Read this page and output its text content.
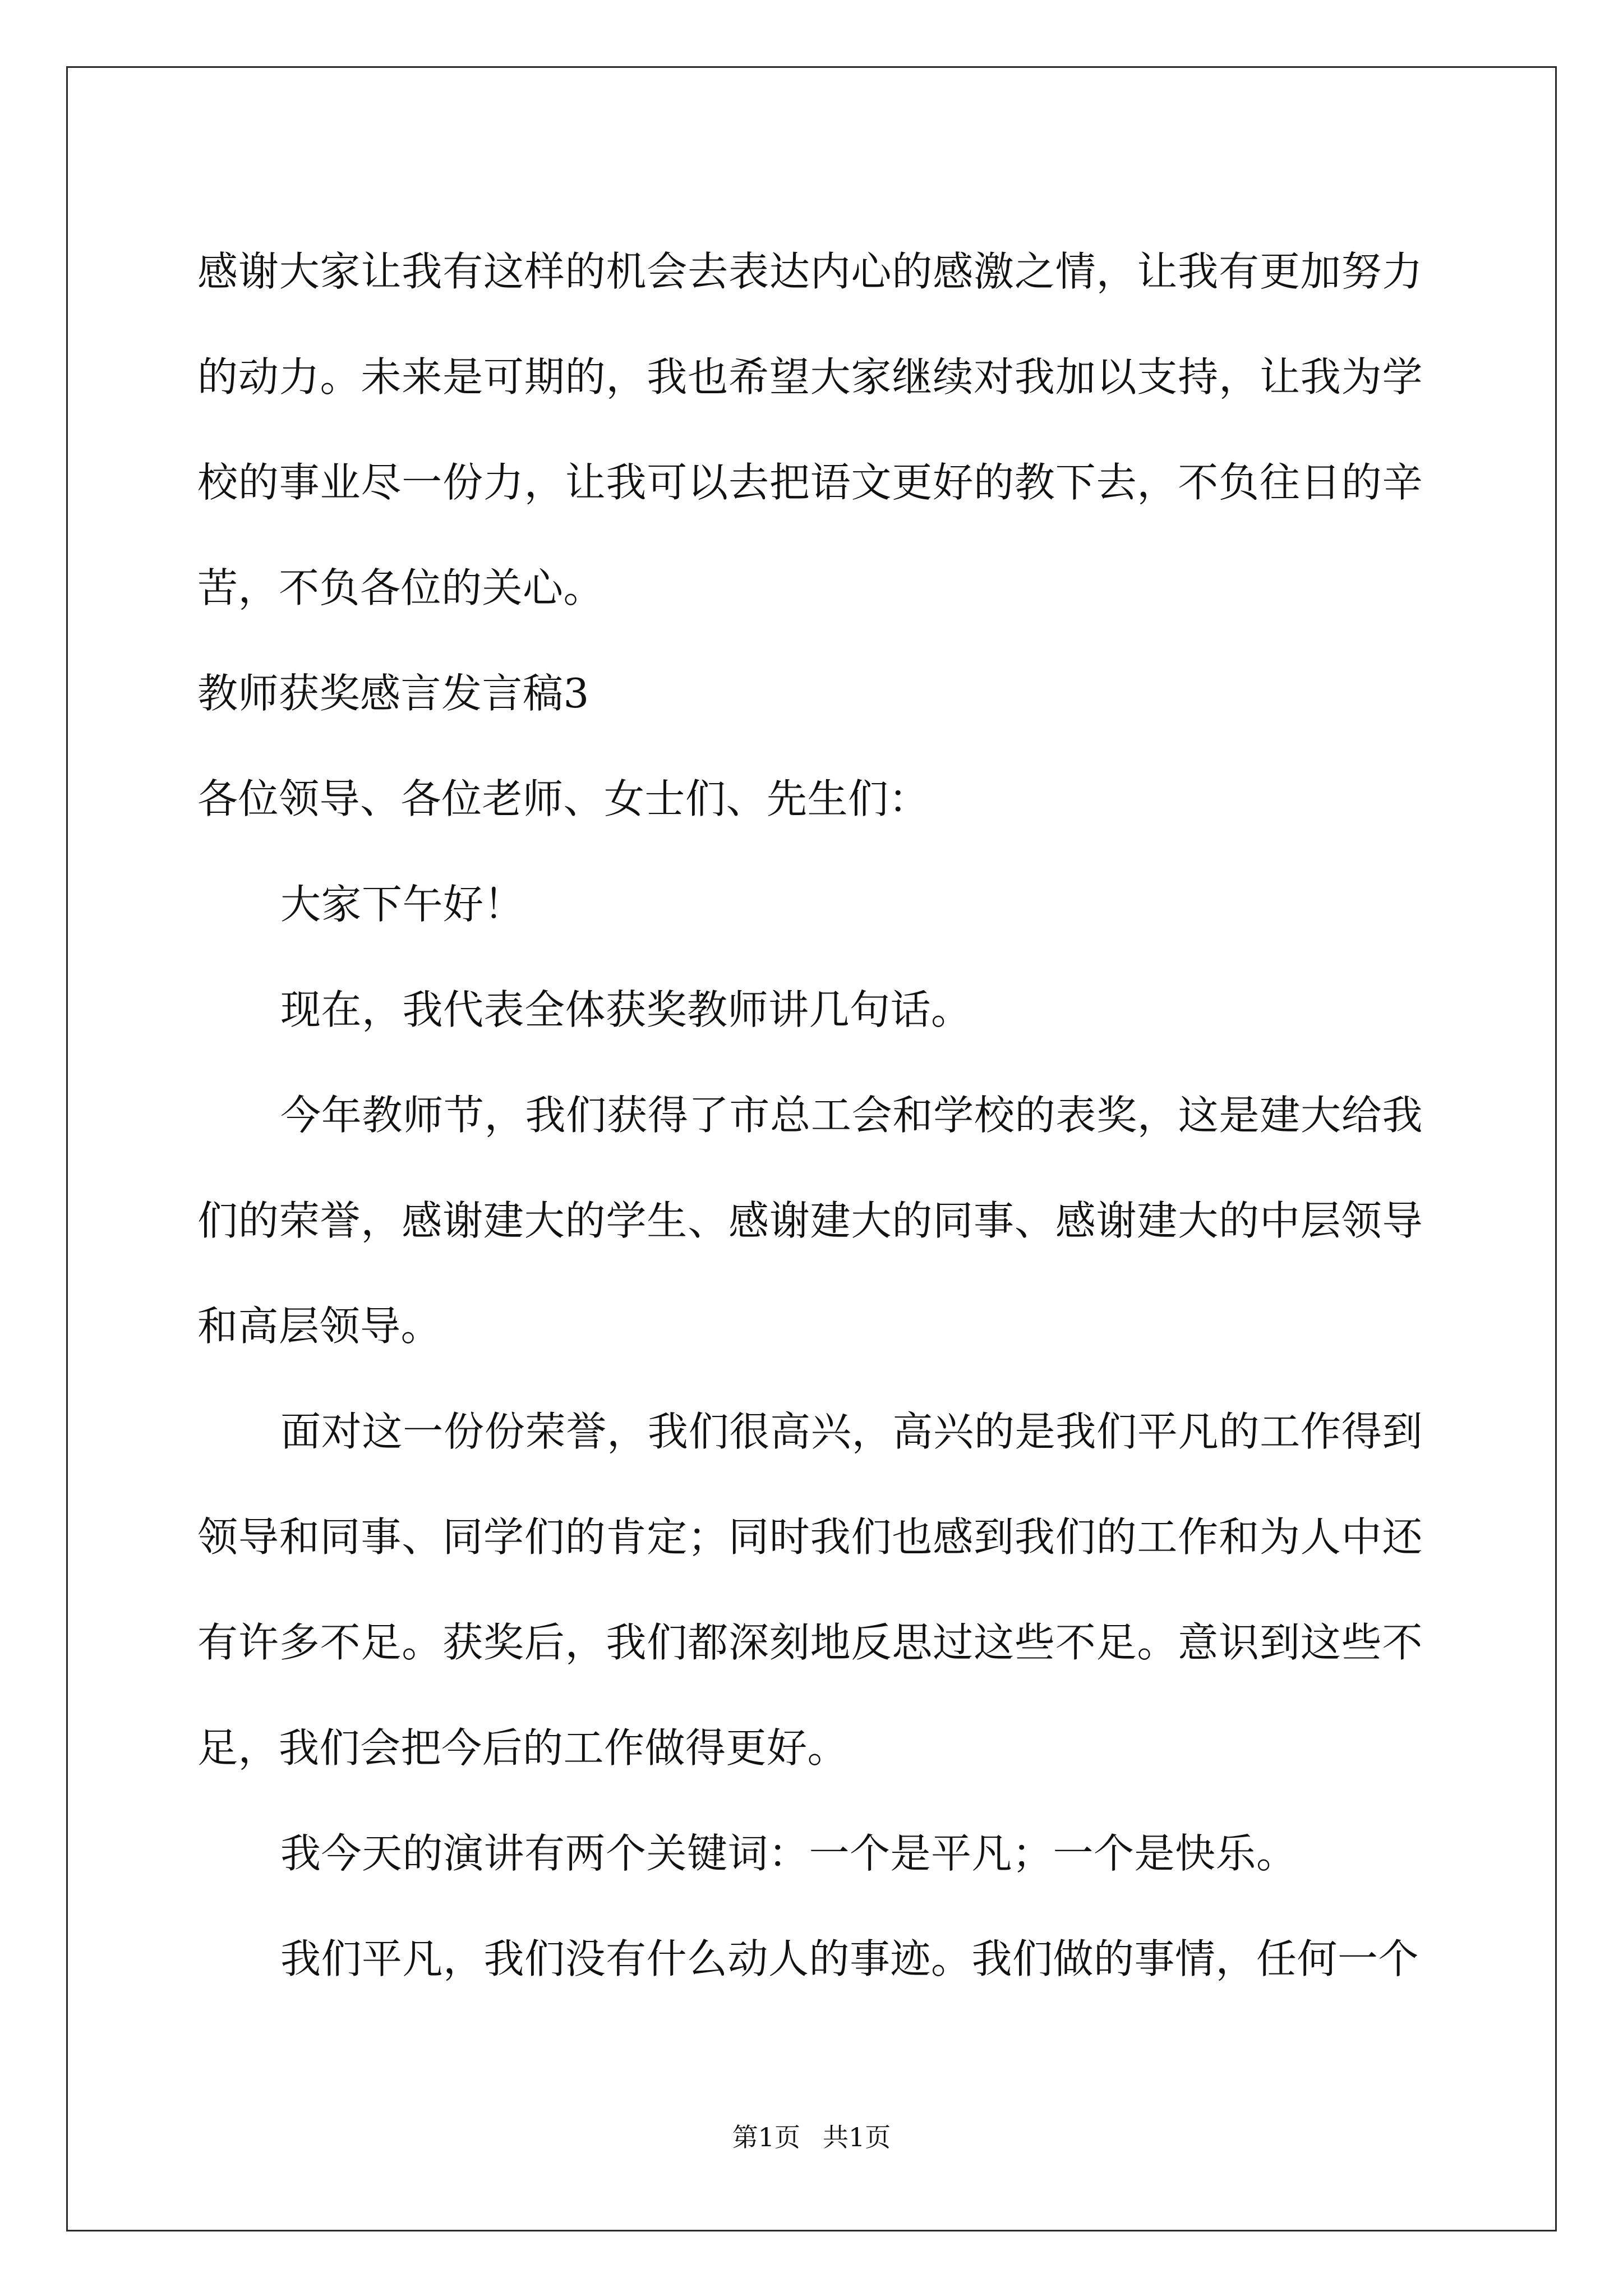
感谢大家让我有这样的机会去表达内心的感激之情，让我有更加努力的动力。未来是可期的，我也希望大家继续对我加以支持，让我为学校的事业尽一份力，让我可以去把语文更好的教下去，不负往日的辛苦，不负各位的关心。

教师获奖感言发言稿3

各位领导、各位老师、女士们、先生们：

大家下午好！

现在，我代表全体获奖教师讲几句话。

今年教师节，我们获得了市总工会和学校的表奖，这是建大给我们的荣誉，感谢建大的学生、感谢建大的同事、感谢建大的中层领导和高层领导。

面对这一份份荣誉，我们很高兴，高兴的是我们平凡的工作得到领导和同事、同学们的肯定；同时我们也感到我们的工作和为人中还有许多不足。获奖后，我们都深刻地反思过这些不足。意识到这些不足，我们会把今后的工作做得更好。

我今天的演讲有两个关键词：一个是平凡；一个是快乐。

我们平凡，我们没有什么动人的事迹。我们做的事情，任何一个

第1页 共1页
